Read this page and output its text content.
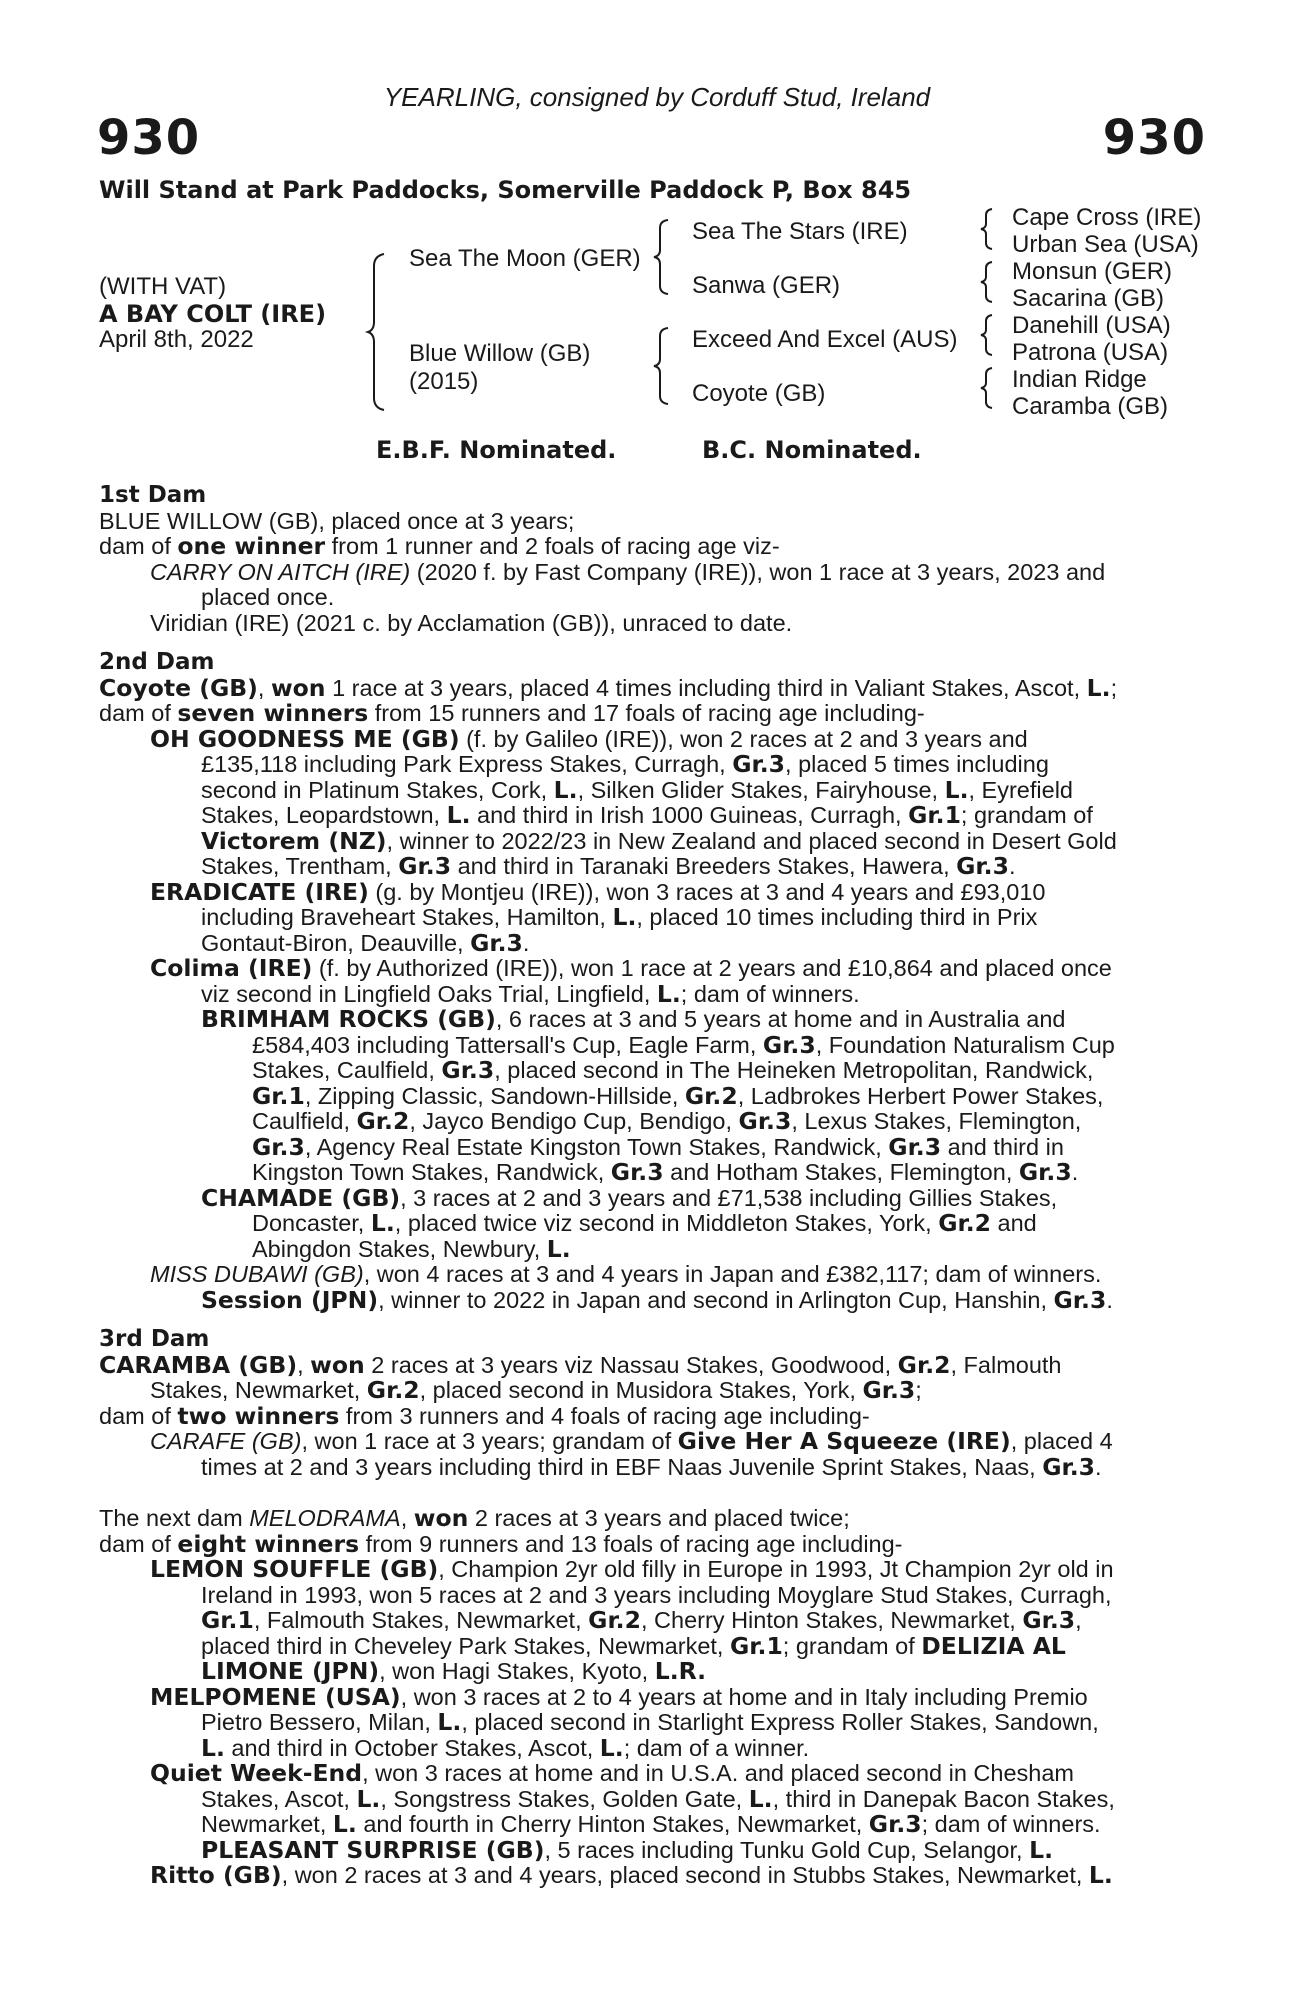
YEARLING, consigned by Corduff Stud, Ireland
930	930
Will Stand at Park Paddocks, Somerville Paddock P, Box 845
(WITH VAT)
A BAY COLT (IRE)
April 8th, 2022
Sea The Moon (GER)
Blue Willow (GB)
(2015)
Sea The Stars (IRE)
Sanwa (GER)
Exceed And Excel (AUS)
Coyote (GB)
Cape Cross (IRE)
Urban Sea (USA)
Monsun (GER)
Sacarina (GB)
Danehill (USA)
Patrona (USA)
Indian Ridge
Caramba (GB)
E.B.F. Nominated.	B.C. Nominated.
1st Dam
BLUE WILLOW (GB), placed once at 3 years;
dam of one winner from 1 runner and 2 foals of racing age viz-
CARRY ON AITCH (IRE) (2020 f. by Fast Company (IRE)), won 1 race at 3 years, 2023 and
placed once.
Viridian (IRE) (2021 c. by Acclamation (GB)), unraced to date.
2nd Dam
Coyote (GB), won 1 race at 3 years, placed 4 times including third in Valiant Stakes, Ascot, L.;
dam of seven winners from 15 runners and 17 foals of racing age including-
OH GOODNESS ME (GB) (f. by Galileo (IRE)), won 2 races at 2 and 3 years and
£135,118 including Park Express Stakes, Curragh, Gr.3, placed 5 times including
second in Platinum Stakes, Cork, L., Silken Glider Stakes, Fairyhouse, L., Eyrefield
Stakes, Leopardstown, L. and third in Irish 1000 Guineas, Curragh, Gr.1; grandam of
Victorem (NZ), winner to 2022/23 in New Zealand and placed second in Desert Gold
Stakes, Trentham, Gr.3 and third in Taranaki Breeders Stakes, Hawera, Gr.3.
ERADICATE (IRE) (g. by Montjeu (IRE)), won 3 races at 3 and 4 years and £93,010
including Braveheart Stakes, Hamilton, L., placed 10 times including third in Prix
Gontaut-Biron, Deauville, Gr.3.
Colima (IRE) (f. by Authorized (IRE)), won 1 race at 2 years and £10,864 and placed once
viz second in Lingfield Oaks Trial, Lingfield, L.; dam of winners.
BRIMHAM ROCKS (GB), 6 races at 3 and 5 years at home and in Australia and
£584,403 including Tattersall's Cup, Eagle Farm, Gr.3, Foundation Naturalism Cup
Stakes, Caulfield, Gr.3, placed second in The Heineken Metropolitan, Randwick,
Gr.1, Zipping Classic, Sandown-Hillside, Gr.2, Ladbrokes Herbert Power Stakes,
Caulfield, Gr.2, Jayco Bendigo Cup, Bendigo, Gr.3, Lexus Stakes, Flemington,
Gr.3, Agency Real Estate Kingston Town Stakes, Randwick, Gr.3 and third in
Kingston Town Stakes, Randwick, Gr.3 and Hotham Stakes, Flemington, Gr.3.
CHAMADE (GB), 3 races at 2 and 3 years and £71,538 including Gillies Stakes,
Doncaster, L., placed twice viz second in Middleton Stakes, York, Gr.2 and
Abingdon Stakes, Newbury, L.
MISS DUBAWI (GB), won 4 races at 3 and 4 years in Japan and £382,117; dam of winners.
Session (JPN), winner to 2022 in Japan and second in Arlington Cup, Hanshin, Gr.3.
3rd Dam
CARAMBA (GB), won 2 races at 3 years viz Nassau Stakes, Goodwood, Gr.2, Falmouth
Stakes, Newmarket, Gr.2, placed second in Musidora Stakes, York, Gr.3;
dam of two winners from 3 runners and 4 foals of racing age including-
CARAFE (GB), won 1 race at 3 years; grandam of Give Her A Squeeze (IRE), placed 4
times at 2 and 3 years including third in EBF Naas Juvenile Sprint Stakes, Naas, Gr.3.
The next dam MELODRAMA, won 2 races at 3 years and placed twice;
dam of eight winners from 9 runners and 13 foals of racing age including-
LEMON SOUFFLE (GB), Champion 2yr old filly in Europe in 1993, Jt Champion 2yr old in
Ireland in 1993, won 5 races at 2 and 3 years including Moyglare Stud Stakes, Curragh,
Gr.1, Falmouth Stakes, Newmarket, Gr.2, Cherry Hinton Stakes, Newmarket, Gr.3,
placed third in Cheveley Park Stakes, Newmarket, Gr.1; grandam of DELIZIA AL
LIMONE (JPN), won Hagi Stakes, Kyoto, L.R.
MELPOMENE (USA), won 3 races at 2 to 4 years at home and in Italy including Premio
Pietro Bessero, Milan, L., placed second in Starlight Express Roller Stakes, Sandown,
L. and third in October Stakes, Ascot, L.; dam of a winner.
Quiet Week-End, won 3 races at home and in U.S.A. and placed second in Chesham
Stakes, Ascot, L., Songstress Stakes, Golden Gate, L., third in Danepak Bacon Stakes,
Newmarket, L. and fourth in Cherry Hinton Stakes, Newmarket, Gr.3; dam of winners.
PLEASANT SURPRISE (GB), 5 races including Tunku Gold Cup, Selangor, L.
Ritto (GB), won 2 races at 3 and 4 years, placed second in Stubbs Stakes, Newmarket, L.
